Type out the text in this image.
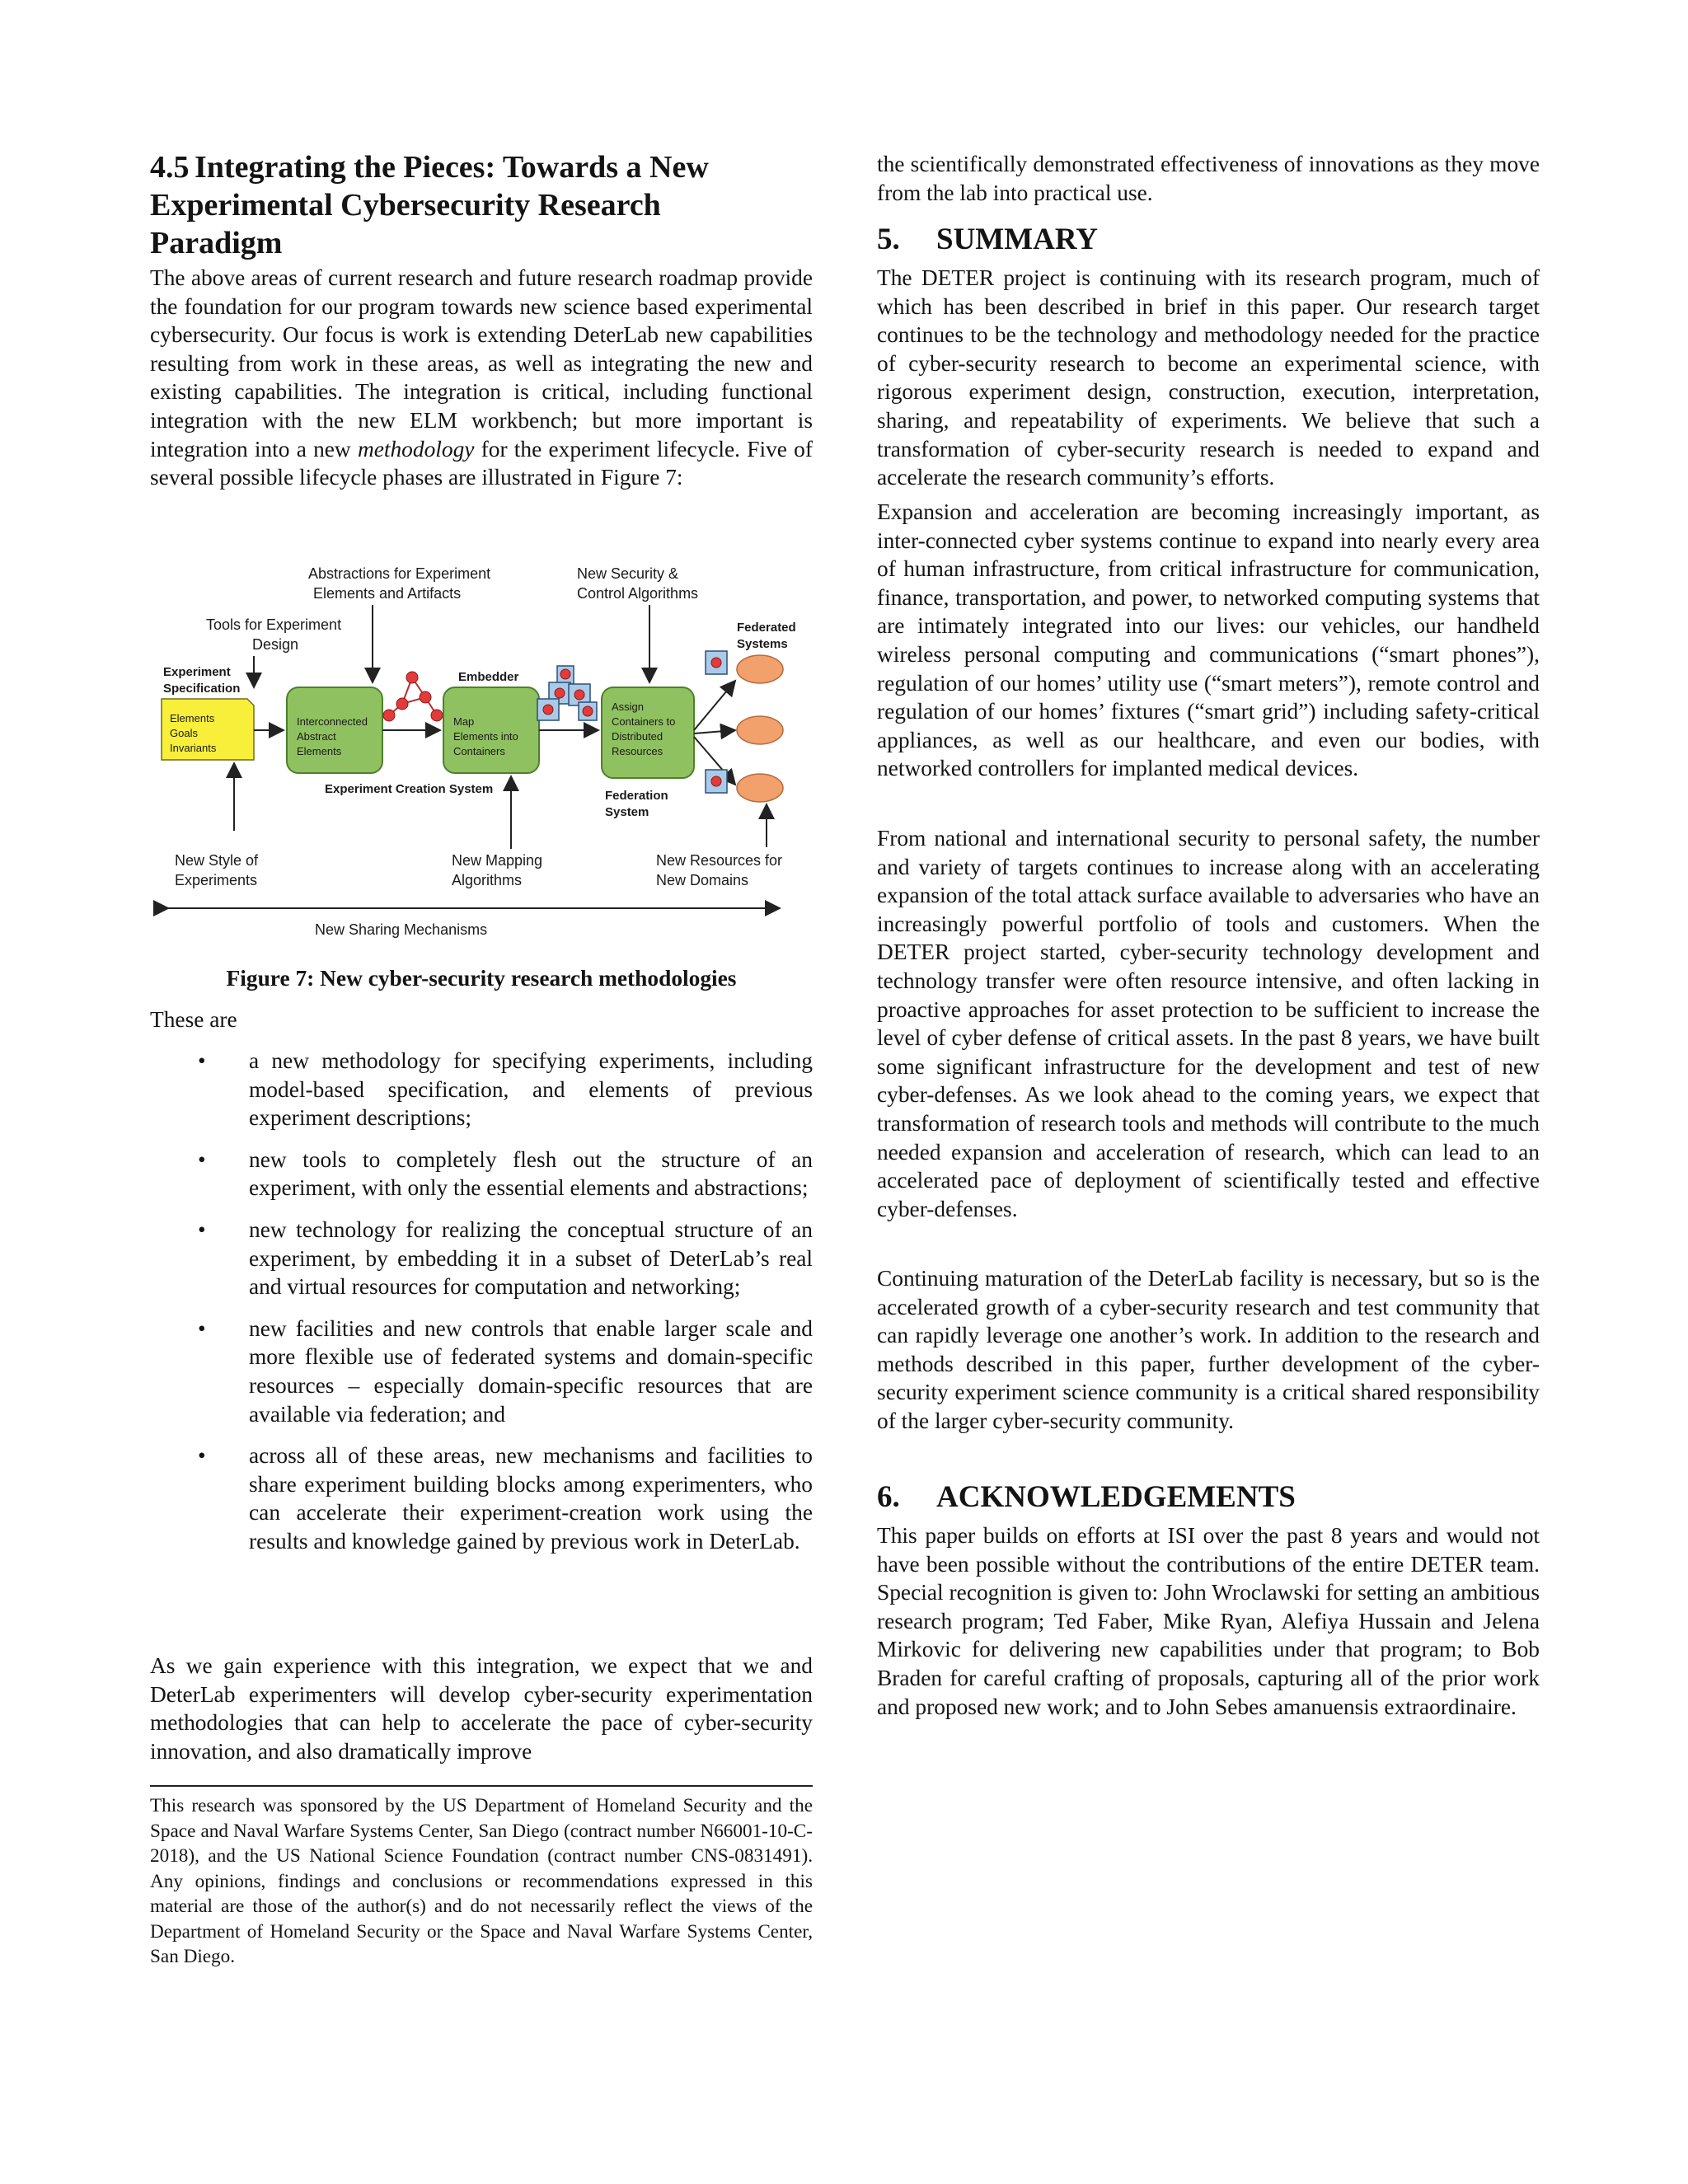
4.5 Integrating the Pieces: Towards a New
Experimental Cybersecurity Research
Paradigm

The above areas of current research and future research roadmap provide the foundation for our program towards new science based experimental cybersecurity. Our focus is work is extending DeterLab new capabilities resulting from work in these areas, as well as integrating the new and existing capabilities. The integration is critical, including functional integration with the new ELM workbench; but more important is integration into a new methodology for the experiment lifecycle. Five of several possible lifecycle phases are illustrated in Figure 7:

Abstractions for Experiment
Elements and Artifacts
New Security &
Control Algorithms
Tools for Experiment
Design
Federated
Systems
Experiment
Specification
Embedder
Elements
Goals
Invariants
Interconnected
Abstract
Elements
Map
Elements into
Containers
Assign
Containers to
Distributed
Resources
Experiment Creation System	Federation
System
New Style of
Experiments
New Mapping
Algorithms
New Resources for
New Domains
New Sharing Mechanisms

Figure 7: New cyber-security research methodologies

These are

• a new methodology for specifying experiments, including model-based specification, and elements of previous experiment descriptions;

• new tools to completely flesh out the structure of an experiment, with only the essential elements and abstractions;

• new technology for realizing the conceptual structure of an experiment, by embedding it in a subset of DeterLab’s real and virtual resources for computation and networking;

• new facilities and new controls that enable larger scale and more flexible use of federated systems and domain-specific resources – especially domain-specific resources that are available via federation; and

• across all of these areas, new mechanisms and facilities to share experiment building blocks among experimenters, who can accelerate their experiment-creation work using the results and knowledge gained by previous work in DeterLab.

As we gain experience with this integration, we expect that we and DeterLab experimenters will develop cyber-security experimentation methodologies that can help to accelerate the pace of cyber-security innovation, and also dramatically improve

This research was sponsored by the US Department of Homeland Security and the Space and Naval Warfare Systems Center, San Diego (contract number N66001-10-C-2018), and the US National Science Foundation (contract number CNS-0831491). Any opinions, findings and conclusions or recommendations expressed in this material are those of the author(s) and do not necessarily reflect the views of the Department of Homeland Security or the Space and Naval Warfare Systems Center, San Diego.

the scientifically demonstrated effectiveness of innovations as they move from the lab into practical use.

5. SUMMARY

The DETER project is continuing with its research program, much of which has been described in brief in this paper. Our research target continues to be the technology and methodology needed for the practice of cyber-security research to become an experimental science, with rigorous experiment design, construction, execution, interpretation, sharing, and repeatability of experiments. We believe that such a transformation of cyber-security research is needed to expand and accelerate the research community’s efforts.

Expansion and acceleration are becoming increasingly important, as inter-connected cyber systems continue to expand into nearly every area of human infrastructure, from critical infrastructure for communication, finance, transportation, and power, to networked computing systems that are intimately integrated into our lives: our vehicles, our handheld wireless personal computing and communications (“smart phones”), regulation of our homes’ utility use (“smart meters”), remote control and regulation of our homes’ fixtures (“smart grid”) including safety-critical appliances, as well as our healthcare, and even our bodies, with networked controllers for implanted medical devices.

From national and international security to personal safety, the number and variety of targets continues to increase along with an accelerating expansion of the total attack surface available to adversaries who have an increasingly powerful portfolio of tools and customers. When the DETER project started, cyber-security technology development and technology transfer were often resource intensive, and often lacking in proactive approaches for asset protection to be sufficient to increase the level of cyber defense of critical assets. In the past 8 years, we have built some significant infrastructure for the development and test of new cyber-defenses. As we look ahead to the coming years, we expect that transformation of research tools and methods will contribute to the much needed expansion and acceleration of research, which can lead to an accelerated pace of deployment of scientifically tested and effective cyber-defenses.

Continuing maturation of the DeterLab facility is necessary, but so is the accelerated growth of a cyber-security research and test community that can rapidly leverage one another’s work. In addition to the research and methods described in this paper, further development of the cyber-security experiment science community is a critical shared responsibility of the larger cyber-security community.

6. ACKNOWLEDGEMENTS

This paper builds on efforts at ISI over the past 8 years and would not have been possible without the contributions of the entire DETER team. Special recognition is given to: John Wroclawski for setting an ambitious research program; Ted Faber, Mike Ryan, Alefiya Hussain and Jelena Mirkovic for delivering new capabilities under that program; to Bob Braden for careful crafting of proposals, capturing all of the prior work and proposed new work; and to John Sebes amanuensis extraordinaire.
